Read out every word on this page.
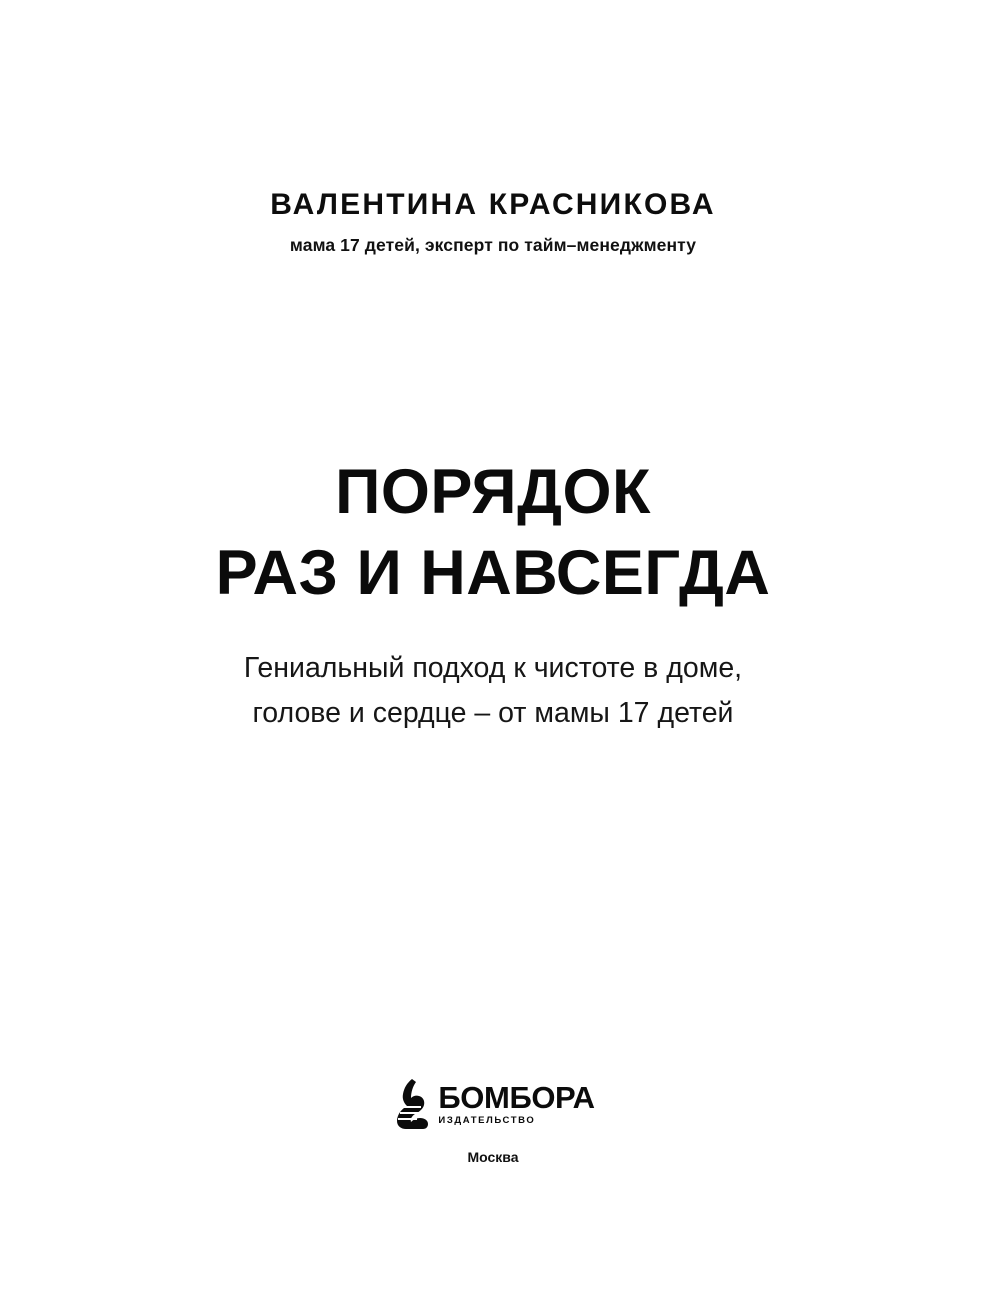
ВАЛЕНТИНА КРАСНИКОВА
мама 17 детей, эксперт по тайм–менеджменту
ПОРЯДОК
РАЗ И НАВСЕГДА
Гениальный подход к чистоте в доме,
голове и сердце – от мамы 17 детей
БОМБОРА
ИЗДАТЕЛЬСТВО
Москва
